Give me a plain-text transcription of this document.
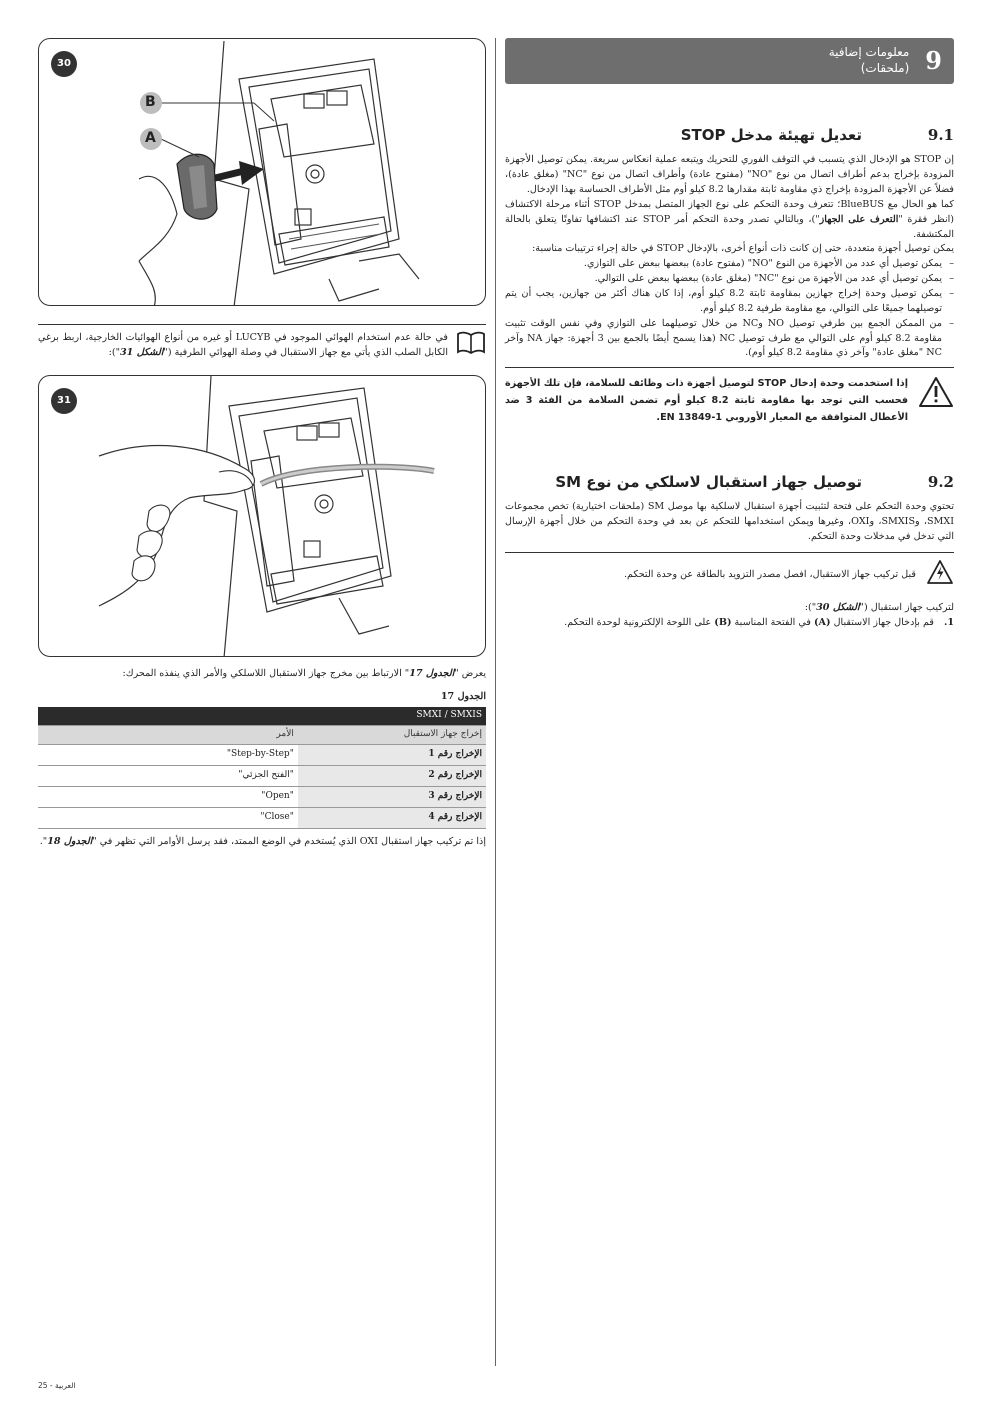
9
معلومات إضافية
(ملحقات)
9.1
تعديل تهيئة مدخل STOP

إن STOP هو الإدخال الذي يتسبب في التوقف الفوري للتحريك ويتبعه عملية انعكاس سريعة. يمكن توصيل الأجهزة المزودة بإخراج بدعم أطراف اتصال من نوع "NO" (مفتوح عادة) وأطراف اتصال من نوع "NC" (مغلق عادة)، فضلاً عن الأجهزة المزودة بإخراج ذي مقاومة ثابتة مقدارها 8.2 كيلو أوم مثل الأطراف الحساسة بهذا الإدخال.

كما هو الحال مع BlueBUS؛ تتعرف وحدة التحكم على نوع الجهاز المتصل بمدخل STOP أثناء مرحلة الاكتشاف (انظر فقرة "التعرف على الجهاز")، وبالتالي تصدر وحدة التحكم أمر STOP عند اكتشافها تفاوتًا يتعلق بالحالة المكتشفة.

يمكن توصيل أجهزة متعددة، حتى إن كانت ذات أنواع أخرى، بالإدخال STOP في حالة إجراء ترتيبات مناسبة:

– يمكن توصيل أي عدد من الأجهزة من النوع "NO" (مفتوح عادة) ببعضها ببعض على التوازي.
– يمكن توصيل أي عدد من الأجهزة من نوع "NC" (مغلق عادة) ببعضها ببعض على التوالي.
– يمكن توصيل وحدة إخراج جهازين بمقاومة ثابتة 8.2 كيلو أوم، إذا كان هناك أكثر من جهازين، يجب أن يتم توصيلهما جميعًا على التوالي، مع مقاومة طرفية 8.2 كيلو أوم.
– من الممكن الجمع بين طرفي توصيل NO وNC من خلال توصيلهما على التوازي وفي نفس الوقت تثبيت مقاومة 8.2 كيلو أوم على التوالي مع طرف توصيل NC (هذا يسمح أيضًا بالجمع بين 3 أجهزة: جهاز NA وآخر NC "مغلق عادة" وآخر ذي مقاومة 8.2 كيلو أوم).
إذا استخدمت وحدة إدخال STOP لتوصيل أجهزة ذات وظائف للسلامة، فإن تلك الأجهزة فحسب التي توجد بها مقاومة ثابتة 8.2 كيلو أوم تضمن السلامة من الفئة 3 ضد الأعطال المتوافقة مع المعيار الأوروبي EN 13849-1.
9.2
توصيل جهاز استقبال لاسلكي من نوع SM

تحتوي وحدة التحكم على فتحة لتثبيت أجهزة استقبال لاسلكية بها موصل SM (ملحقات اختيارية) تخص مجموعات SMXI، وSMXIS، وOXI، وغيرها ويمكن استخدامها للتحكم عن بعد في وحدة التحكم من خلال أجهزة الإرسال التي تدخل في مدخلات وحدة التحكم.

قبل تركيب جهاز الاستقبال، افصل مصدر التزويد بالطاقة عن وحدة التحكم.

لتركيب جهاز استقبال ("الشكل 30"):

1.
قم بإدخال جهاز الاستقبال (A) في الفتحة المناسبة (B) على اللوحة الإلكترونية لوحدة التحكم.
30
B
A

في حالة عدم استخدام الهوائي الموجود في LUCYB أو غيره من أنواع الهوائيات الخارجية، اربط برغي الكابل الصلب الذي يأتي مع جهاز الاستقبال في وصلة الهوائي الطرفية ("الشكل 31"):

31

يعرض "الجدول 17" الارتباط بين مخرج جهاز الاستقبال اللاسلكي والأمر الذي ينفذه المحرك:

الجدول 17
SMXI / SMXIS	
إخراج جهاز الاستقبال	الأمر
الإخراج رقم 1	"Step-by-Step"
الإخراج رقم 2	"الفتح الجزئي"
الإخراج رقم 3	"Open"
الإخراج رقم 4	"Close"

إذا تم تركيب جهاز استقبال OXI الذي يُستخدم في الوضع الممتد، فقد يرسل الأوامر التي تظهر في "الجدول 18".

العربية - 25
